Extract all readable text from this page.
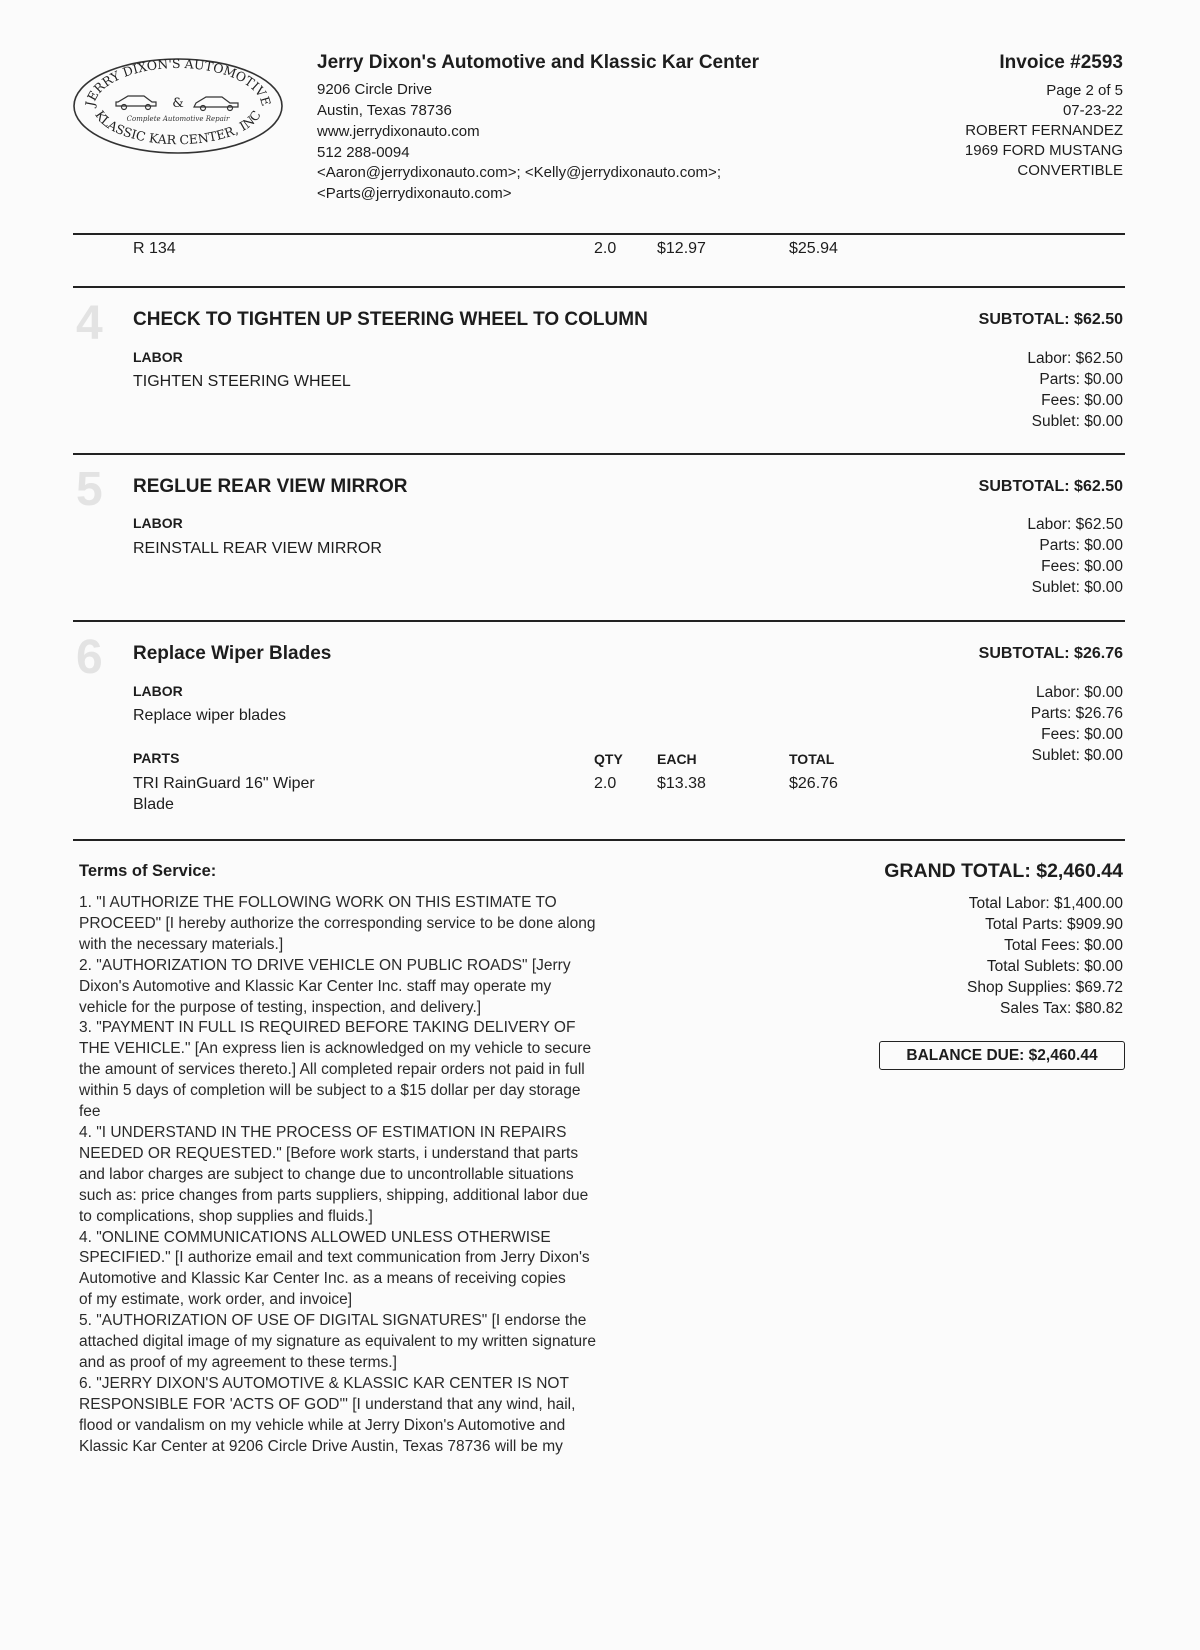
JERRY DIXON'S AUTOMOTIVE
KLASSIC KAR CENTER, INC
&
Complete Automotive Repair
Jerry Dixon's Automotive and Klassic Kar Center
9206 Circle Drive
Austin, Texas 78736
www.jerrydixonauto.com
512 288-0094
<Aaron@jerrydixonauto.com>; <Kelly@jerrydixonauto.com>;
<Parts@jerrydixonauto.com>
Invoice #2593
Page 2 of 5
07-23-22
ROBERT FERNANDEZ
1969 FORD MUSTANG
CONVERTIBLE
R 134	2.0	$12.97	$25.94
4 CHECK TO TIGHTEN UP STEERING WHEEL TO COLUMN	SUBTOTAL: $62.50
LABOR
TIGHTEN STEERING WHEEL
Labor: $62.50
Parts: $0.00
Fees: $0.00
Sublet: $0.00
5 REGLUE REAR VIEW MIRROR	SUBTOTAL: $62.50
LABOR
REINSTALL REAR VIEW MIRROR
Labor: $62.50
Parts: $0.00
Fees: $0.00
Sublet: $0.00
6 Replace Wiper Blades	SUBTOTAL: $26.76
LABOR
Replace wiper blades
Labor: $0.00
Parts: $26.76
Fees: $0.00
Sublet: $0.00
PARTS	QTY EACH	TOTAL
TRI RainGuard 16" Wiper
Blade
2.0	$13.38	$26.76
Terms of Service:

1. "I AUTHORIZE THE FOLLOWING WORK ON THIS ESTIMATE TO

PROCEED" [I hereby authorize the corresponding service to be done along

with the necessary materials.]

2. "AUTHORIZATION TO DRIVE VEHICLE ON PUBLIC ROADS" [Jerry

Dixon's Automotive and Klassic Kar Center Inc. staff may operate my

vehicle for the purpose of testing, inspection, and delivery.]

3. "PAYMENT IN FULL IS REQUIRED BEFORE TAKING DELIVERY OF

THE VEHICLE." [An express lien is acknowledged on my vehicle to secure

the amount of services thereto.] All completed repair orders not paid in full

within 5 days of completion will be subject to a $15 dollar per day storage

fee

4. "I UNDERSTAND IN THE PROCESS OF ESTIMATION IN REPAIRS

NEEDED OR REQUESTED." [Before work starts, i understand that parts

and labor charges are subject to change due to uncontrollable situations

such as: price changes from parts suppliers, shipping, additional labor due

to complications, shop supplies and fluids.]

4. "ONLINE COMMUNICATIONS ALLOWED UNLESS OTHERWISE

SPECIFIED." [I authorize email and text communication from Jerry Dixon's

Automotive and Klassic Kar Center Inc. as a means of receiving copies

of my estimate, work order, and invoice]

5. "AUTHORIZATION OF USE OF DIGITAL SIGNATURES" [I endorse the

attached digital image of my signature as equivalent to my written signature

and as proof of my agreement to these terms.]

6. "JERRY DIXON'S AUTOMOTIVE & KLASSIC KAR CENTER IS NOT

RESPONSIBLE FOR 'ACTS OF GOD'" [I understand that any wind, hail,

flood or vandalism on my vehicle while at Jerry Dixon's Automotive and

Klassic Kar Center at 9206 Circle Drive Austin, Texas 78736 will be my

GRAND TOTAL: $2,460.44
Total Labor: $1,400.00
Total Parts: $909.90
Total Fees: $0.00
Total Sublets: $0.00
Shop Supplies: $69.72
Sales Tax: $80.82
BALANCE DUE: $2,460.44
